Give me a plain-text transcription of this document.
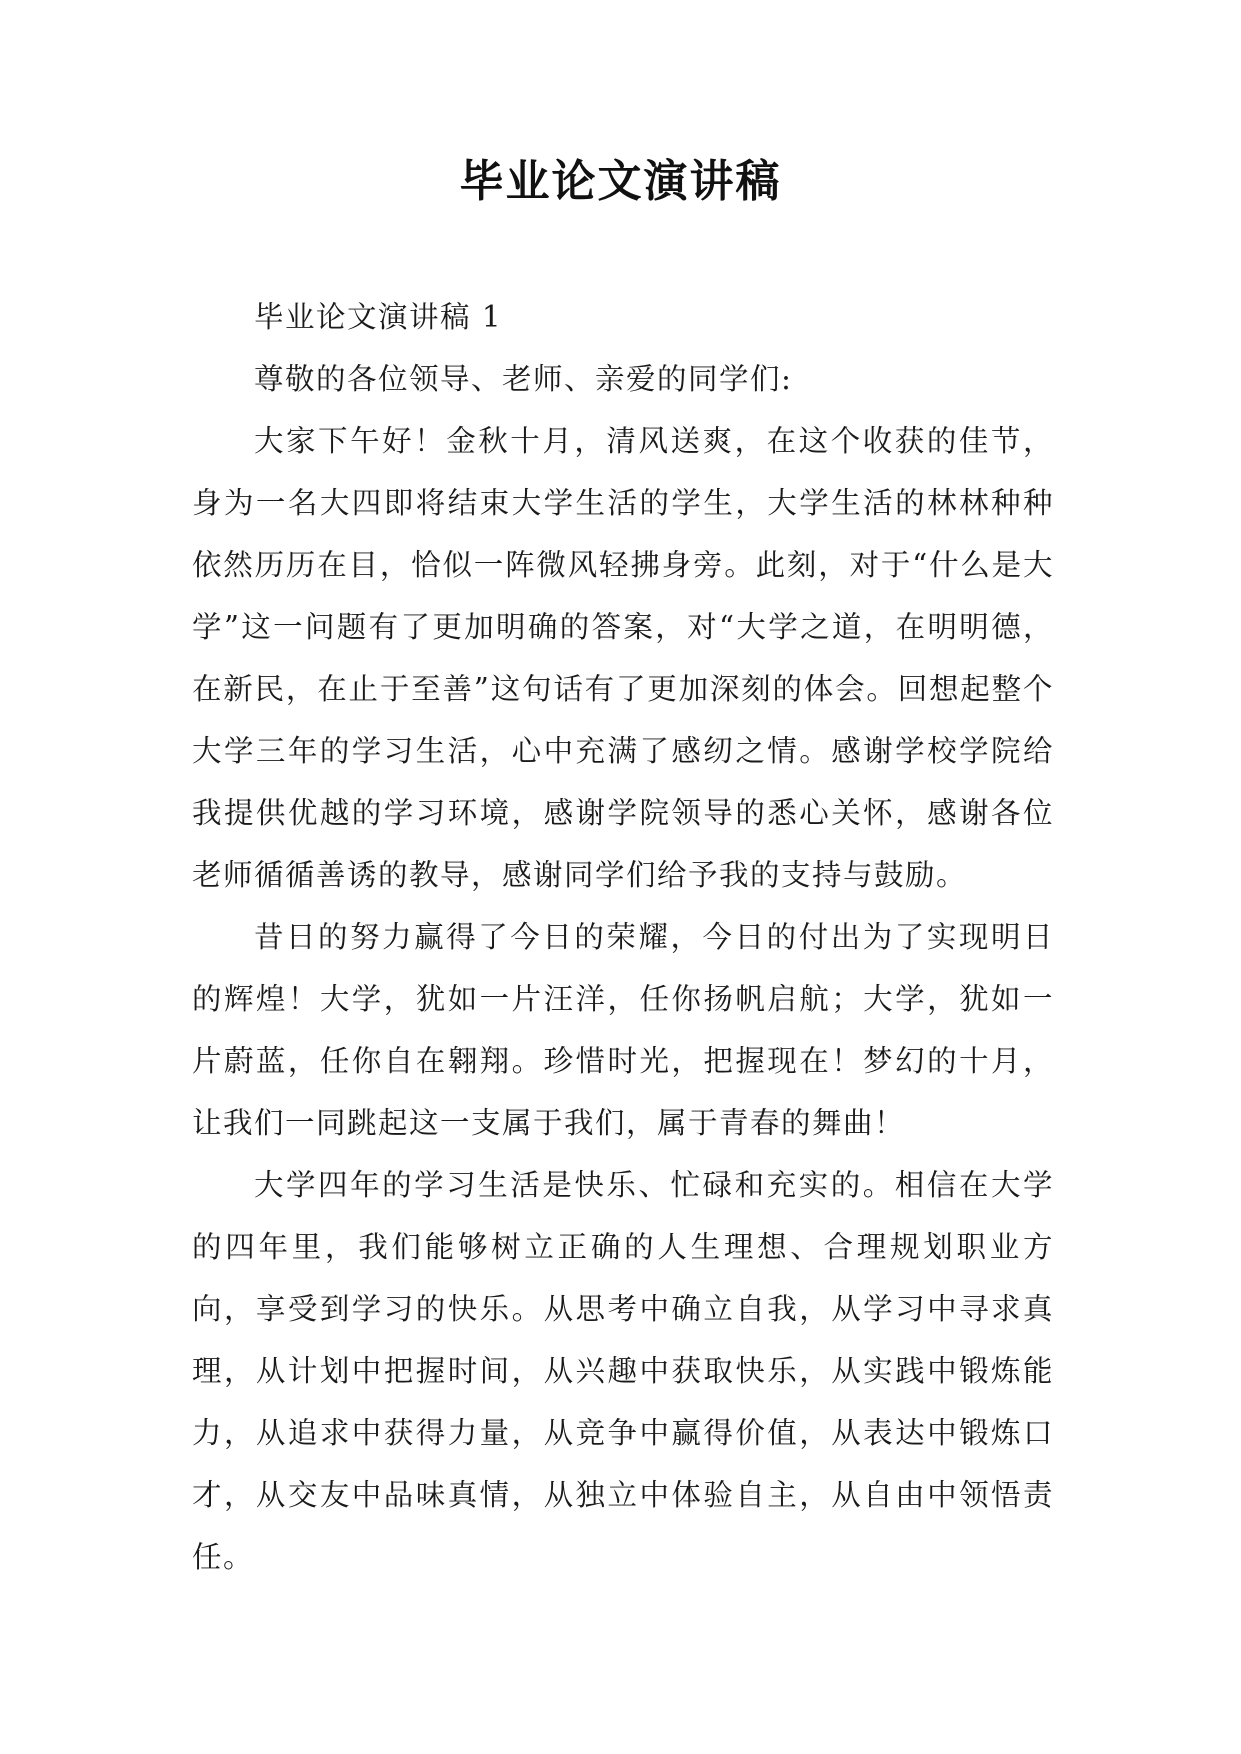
毕业论文演讲稿

毕业论文演讲稿 1

尊敬的各位领导、老师、亲爱的同学们:

大家下午好！金秋十月，清风送爽，在这个收获的佳节，身为一名大四即将结束大学生活的学生，大学生活的林林种种依然历历在目，恰似一阵微风轻拂身旁。此刻，对于“什么是大学”这一问题有了更加明确的答案，对“大学之道，在明明德，在新民，在止于至善”这句话有了更加深刻的体会。回想起整个大学三年的学习生活，心中充满了感纫之情。感谢学校学院给我提供优越的学习环境，感谢学院领导的悉心关怀，感谢各位老师循循善诱的教导，感谢同学们给予我的支持与鼓励。

昔日的努力赢得了今日的荣耀，今日的付出为了实现明日的辉煌！大学，犹如一片汪洋，任你扬帆启航；大学，犹如一片蔚蓝，任你自在翱翔。珍惜时光，把握现在！梦幻的十月，让我们一同跳起这一支属于我们，属于青春的舞曲！

大学四年的学习生活是快乐、忙碌和充实的。相信在大学的四年里，我们能够树立正确的人生理想、合理规划职业方向，享受到学习的快乐。从思考中确立自我，从学习中寻求真理，从计划中把握时间，从兴趣中获取快乐，从实践中锻炼能力，从追求中获得力量，从竞争中赢得价值，从表达中锻炼口才，从交友中品味真情，从独立中体验自主，从自由中领悟责任。
